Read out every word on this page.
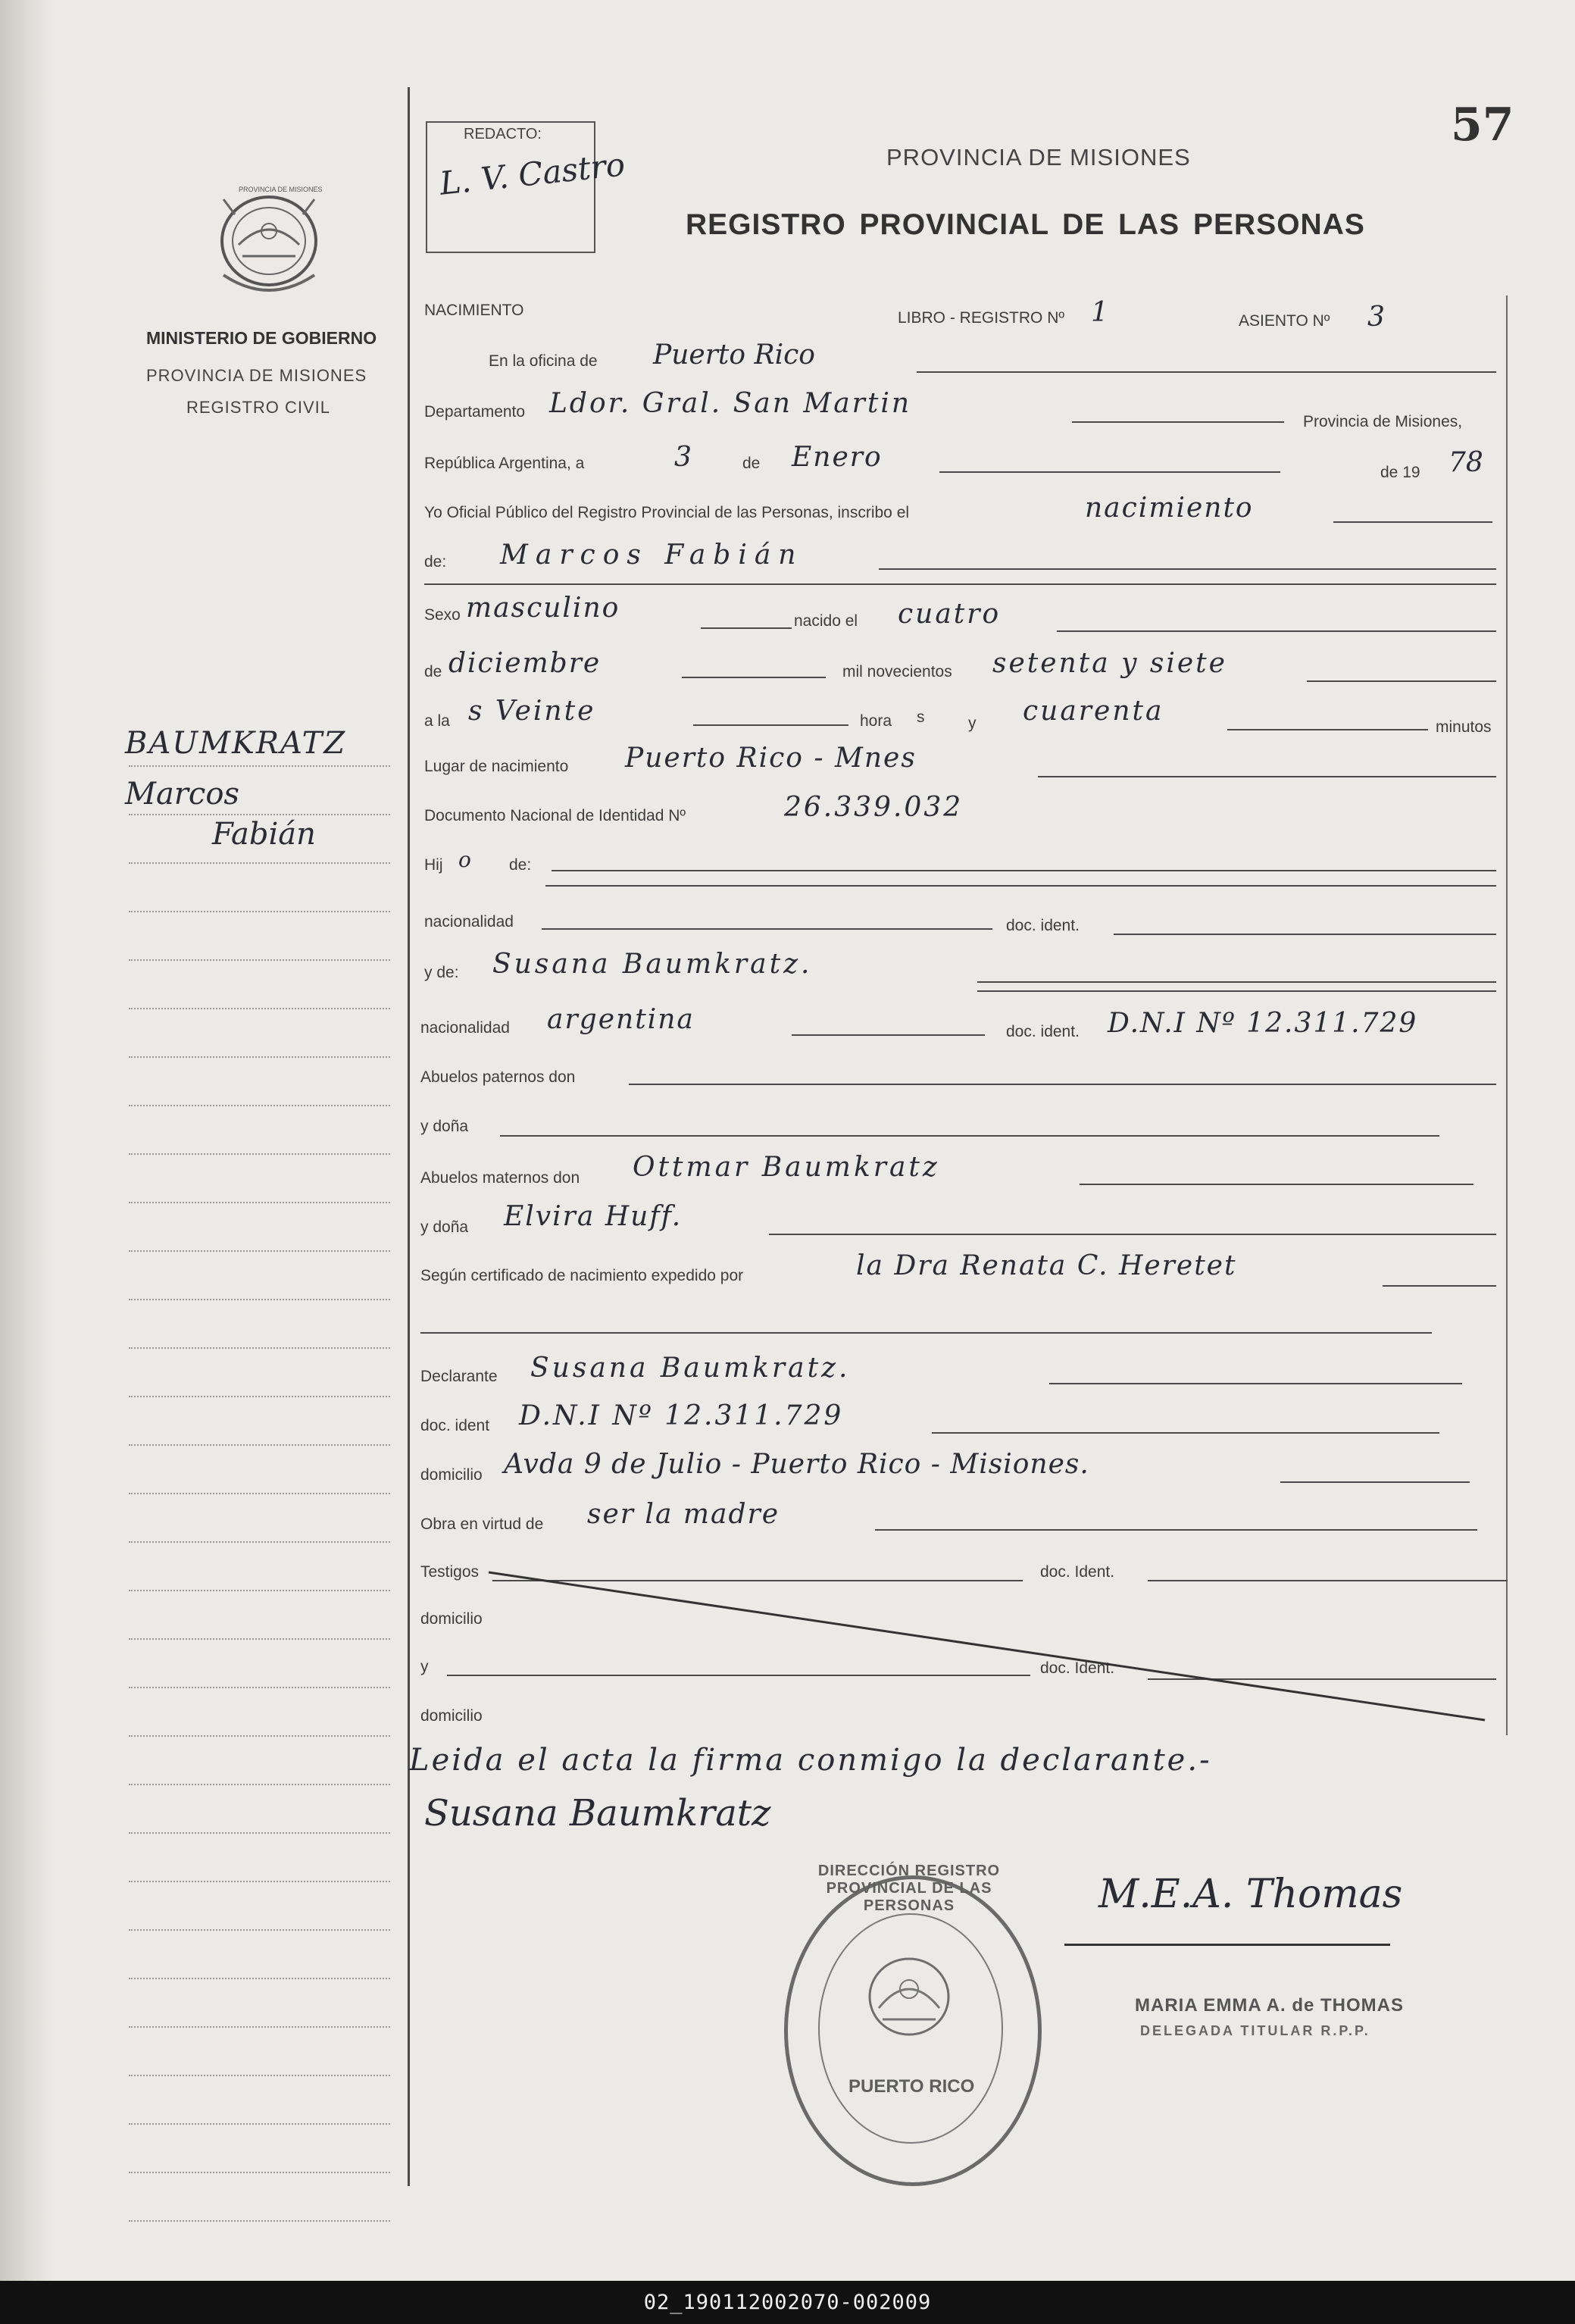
57
REDACTO:
L. V. Castro	PROVINCIA DE MISIONES
REGISTRO PROVINCIAL DE LAS PERSONAS
PROVINCIA DE MISIONES
MINISTERIO DE GOBIERNO
PROVINCIA DE MISIONES
REGISTRO CIVIL
BAUMKRATZ
Marcos
Fabián
NACIMIENTO	LIBRO - REGISTRO Nº 1	ASIENTO Nº 3
En la oficina de Puerto Rico
Departamento Ldor. Gral. San Martin
Provincia de Misiones,
República Argentina, a	3	de Enero	de 19 78
Yo Oficial Público del Registro Provincial de las Personas, inscribo el	nacimiento
de: Marcos Fabián
Sexo masculino	nacido el cuatro
de diciembre	mil novecientos setenta y siete
a la s Veinte	hora s	y cuarenta
minutos
Lugar de nacimiento Puerto Rico - Mnes
Documento Nacional de Identidad Nº	26.339.032
Hij o de:
nacionalidad	doc. ident.
y de: Susana Baumkratz.
nacionalidad argentina	doc. ident. D.N.I Nº 12.311.729
Abuelos paternos don
y doña
Abuelos maternos don Ottmar Baumkratz
y doña Elvira Huff.
Según certificado de nacimiento expedido por	la Dra Renata C. Heretet
Declarante Susana Baumkratz.
doc. ident D.N.I Nº 12.311.729
domicilio Avda 9 de Julio - Puerto Rico - Misiones.
Obra en virtud de ser la madre
Testigos	doc. Ident.
domicilio
y	doc. Ident.
domicilio
Leida el acta la firma conmigo la declarante.-
Susana Baumkratz
DIRECCIÓN REGISTRO PROVINCIAL DE LAS PERSONAS
PUERTO RICO
M.E.A. Thomas
MARIA EMMA A. de THOMAS
DELEGADA TITULAR R.P.P.
02_190112002070-002009
